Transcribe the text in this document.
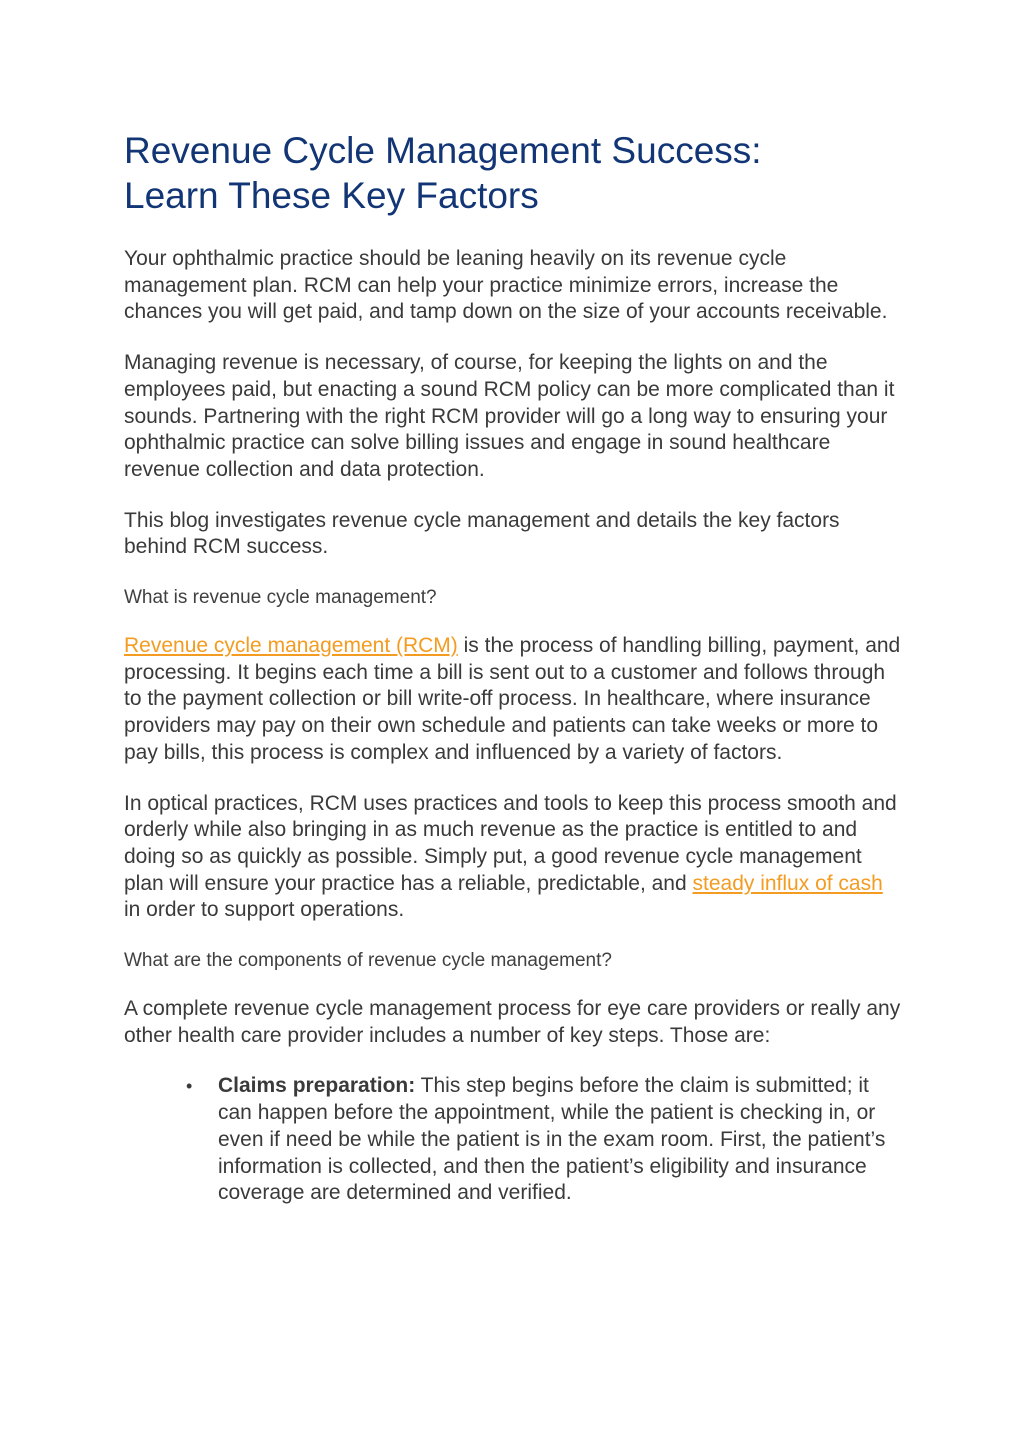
Revenue Cycle Management Success:
Learn These Key Factors

Your ophthalmic practice should be leaning heavily on its revenue cycle management plan. RCM can help your practice minimize errors, increase the chances you will get paid, and tamp down on the size of your accounts receivable.

Managing revenue is necessary, of course, for keeping the lights on and the employees paid, but enacting a sound RCM policy can be more complicated than it sounds. Partnering with the right RCM provider will go a long way to ensuring your ophthalmic practice can solve billing issues and engage in sound healthcare revenue collection and data protection.

This blog investigates revenue cycle management and details the key factors behind RCM success.

What is revenue cycle management?

Revenue cycle management (RCM) is the process of handling billing, payment, and processing. It begins each time a bill is sent out to a customer and follows through to the payment collection or bill write-off process. In healthcare, where insurance providers may pay on their own schedule and patients can take weeks or more to pay bills, this process is complex and influenced by a variety of factors.

In optical practices, RCM uses practices and tools to keep this process smooth and orderly while also bringing in as much revenue as the practice is entitled to and doing so as quickly as possible. Simply put, a good revenue cycle management plan will ensure your practice has a reliable, predictable, and steady influx of cash in order to support operations.

What are the components of revenue cycle management?

A complete revenue cycle management process for eye care providers or really any other health care provider includes a number of key steps. Those are:

• Claims preparation: This step begins before the claim is submitted; it can happen before the appointment, while the patient is checking in, or even if need be while the patient is in the exam room. First, the patient’s information is collected, and then the patient’s eligibility and insurance coverage are determined and verified.
